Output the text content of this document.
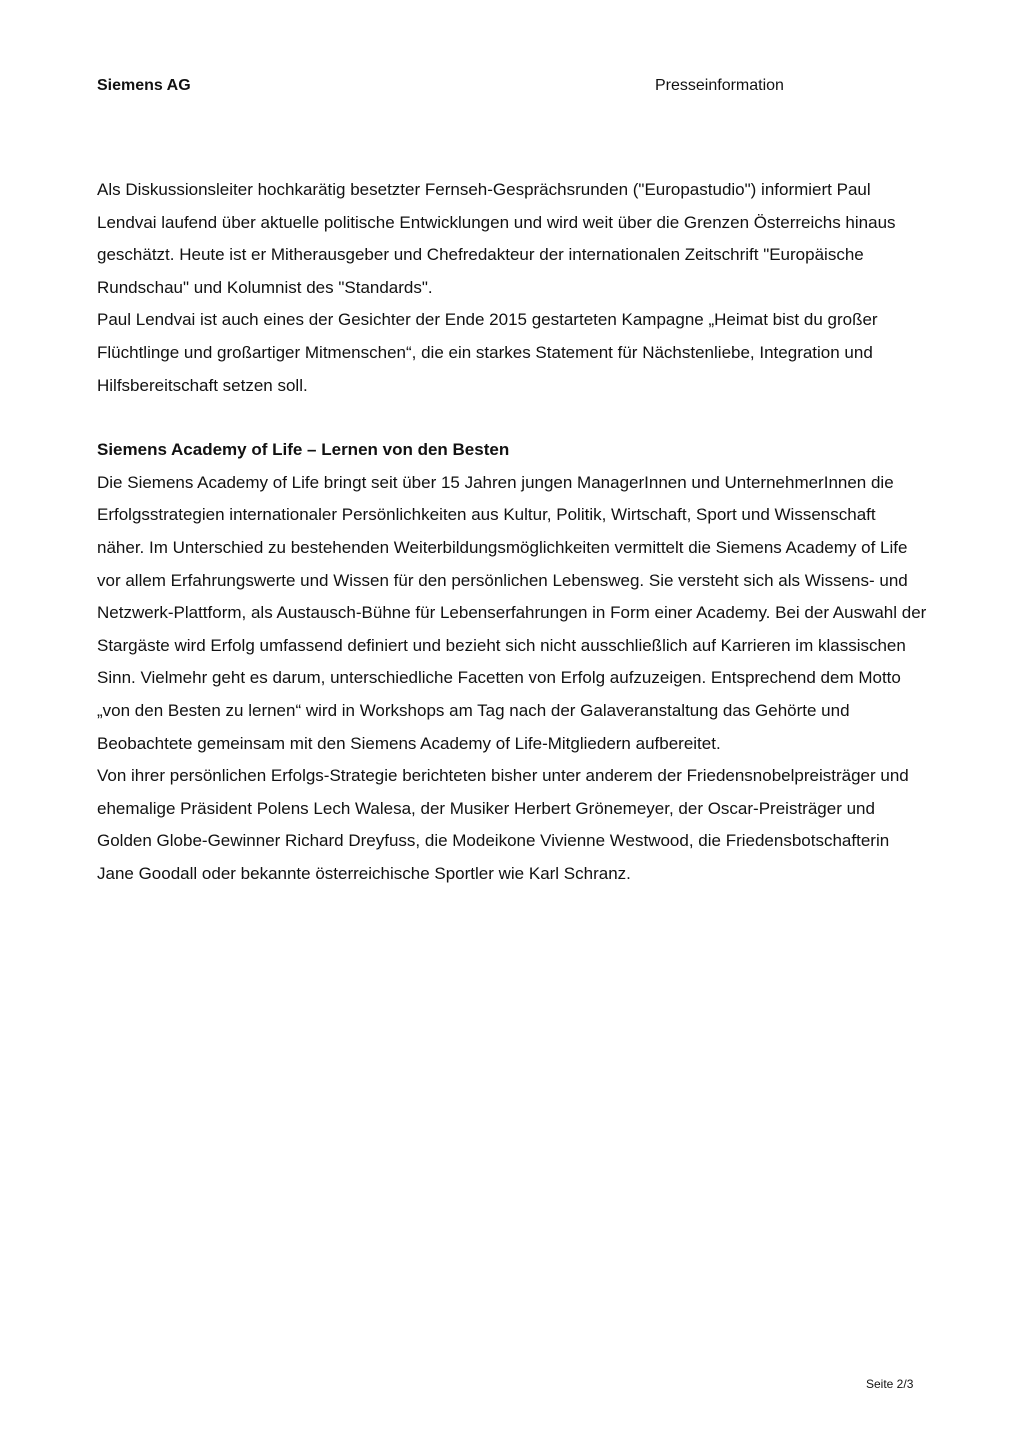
Siemens AG	Presseinformation

Als Diskussionsleiter hochkarätig besetzter Fernseh-Gesprächsrunden ("Europastudio") informiert Paul Lendvai laufend über aktuelle politische Entwicklungen und wird weit über die Grenzen Österreichs hinaus geschätzt. Heute ist er Mitherausgeber und Chefredakteur der internationalen Zeitschrift "Europäische Rundschau" und Kolumnist des "Standards".

Paul Lendvai ist auch eines der Gesichter der Ende 2015 gestarteten Kampagne „Heimat bist du großer Flüchtlinge und großartiger Mitmenschen“, die ein starkes Statement für Nächstenliebe, Integration und Hilfsbereitschaft setzen soll.

Siemens Academy of Life – Lernen von den Besten

Die Siemens Academy of Life bringt seit über 15 Jahren jungen ManagerInnen und UnternehmerInnen die Erfolgsstrategien internationaler Persönlichkeiten aus Kultur, Politik, Wirtschaft, Sport und Wissenschaft näher. Im Unterschied zu bestehenden Weiterbildungsmöglichkeiten vermittelt die Siemens Academy of Life vor allem Erfahrungswerte und Wissen für den persönlichen Lebensweg. Sie versteht sich als Wissens- und Netzwerk-Plattform, als Austausch-Bühne für Lebenserfahrungen in Form einer Academy. Bei der Auswahl der Stargäste wird Erfolg umfassend definiert und bezieht sich nicht ausschließlich auf Karrieren im klassischen Sinn. Vielmehr geht es darum, unterschiedliche Facetten von Erfolg aufzuzeigen. Entsprechend dem Motto „von den Besten zu lernen“ wird in Workshops am Tag nach der Galaveranstaltung das Gehörte und Beobachtete gemeinsam mit den Siemens Academy of Life-Mitgliedern aufbereitet.

Von ihrer persönlichen Erfolgs-Strategie berichteten bisher unter anderem der Friedensnobelpreisträger und ehemalige Präsident Polens Lech Walesa, der Musiker Herbert Grönemeyer, der Oscar-Preisträger und Golden Globe-Gewinner Richard Dreyfuss, die Modeikone Vivienne Westwood, die Friedensbotschafterin Jane Goodall oder bekannte österreichische Sportler wie Karl Schranz.

Seite 2/3
